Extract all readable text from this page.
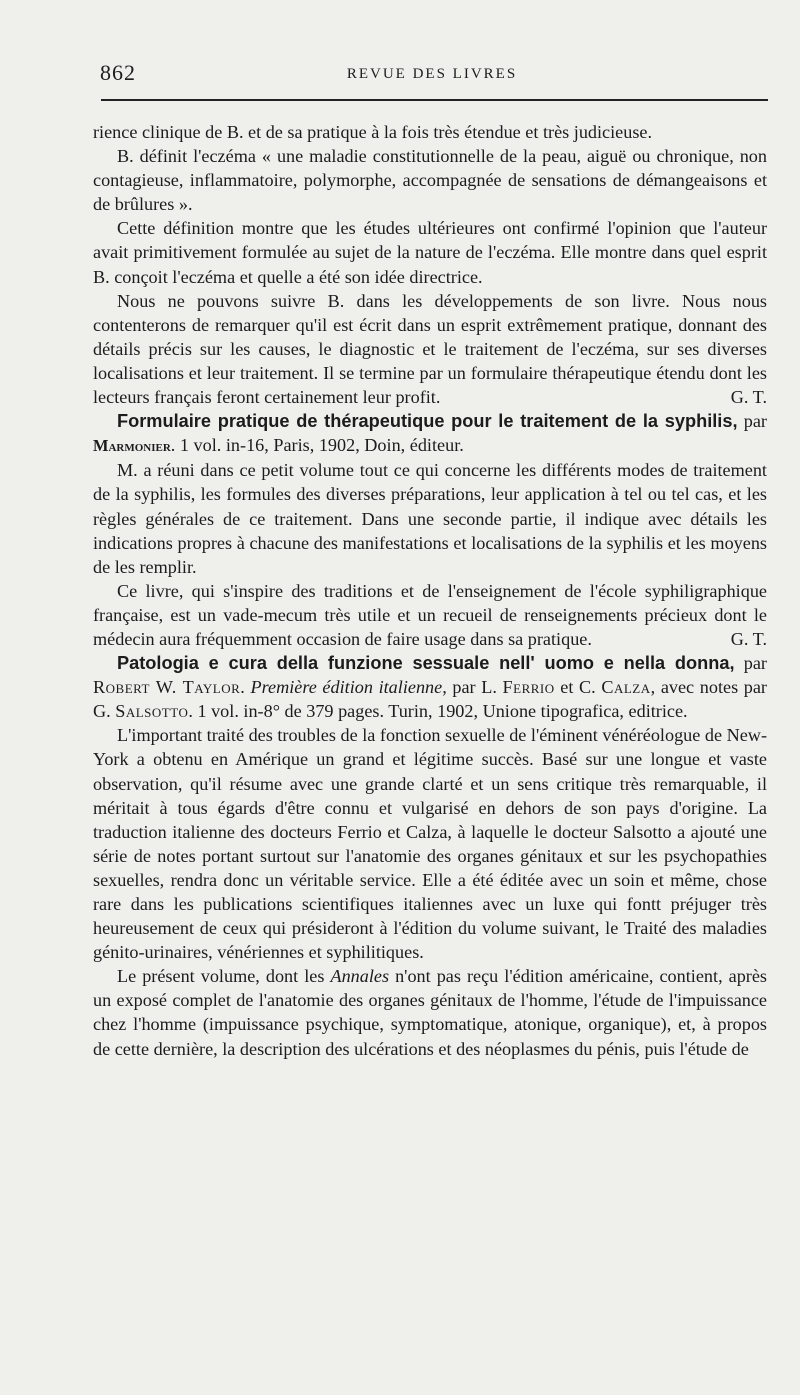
862	REVUE DES LIVRES

rience clinique de B. et de sa pratique à la fois très étendue et très judicieuse.

B. définit l'eczéma « une maladie constitutionnelle de la peau, aiguë ou chronique, non contagieuse, inflammatoire, polymorphe, accompagnée de sensations de démangeaisons et de brûlures ».

Cette définition montre que les études ultérieures ont confirmé l'opinion que l'auteur avait primitivement formulée au sujet de la nature de l'eczéma. Elle montre dans quel esprit B. conçoit l'eczéma et quelle a été son idée directrice.

Nous ne pouvons suivre B. dans les développements de son livre. Nous nous contenterons de remarquer qu'il est écrit dans un esprit extrêmement pratique, donnant des détails précis sur les causes, le diagnostic et le traitement de l'eczéma, sur ses diverses localisations et leur traitement. Il se termine par un formulaire thérapeutique étendu dont les lecteurs français feront certainement leur profit.	G. T.

Formulaire pratique de thérapeutique pour le traitement de la syphilis, par Marmonier. 1 vol. in-16, Paris, 1902, Doin, éditeur.

M. a réuni dans ce petit volume tout ce qui concerne les différents modes de traitement de la syphilis, les formules des diverses préparations, leur application à tel ou tel cas, et les règles générales de ce traitement. Dans une seconde partie, il indique avec détails les indications propres à chacune des manifestations et localisations de la syphilis et les moyens de les remplir.

Ce livre, qui s'inspire des traditions et de l'enseignement de l'école syphiligraphique française, est un vade-mecum très utile et un recueil de renseignements précieux dont le médecin aura fréquemment occasion de faire usage dans sa pratique.	G. T.

Patologia e cura della funzione sessuale nell' uomo e nella donna, par Robert W. Taylor. Première édition italienne, par L. Ferrio et C. Calza, avec notes par G. Salsotto. 1 vol. in-8° de 379 pages. Turin, 1902, Unione tipografica, editrice.

L'important traité des troubles de la fonction sexuelle de l'éminent vénéréologue de New-York a obtenu en Amérique un grand et légitime succès. Basé sur une longue et vaste observation, qu'il résume avec une grande clarté et un sens critique très remarquable, il méritait à tous égards d'être connu et vulgarisé en dehors de son pays d'origine. La traduction italienne des docteurs Ferrio et Calza, à laquelle le docteur Salsotto a ajouté une série de notes portant surtout sur l'anatomie des organes génitaux et sur les psychopathies sexuelles, rendra donc un véritable service. Elle a été éditée avec un soin et même, chose rare dans les publications scientifiques italiennes avec un luxe qui fontt préjuger très heureusement de ceux qui présideront à l'édition du volume suivant, le Traité des maladies génito-urinaires, vénériennes et syphilitiques.

Le présent volume, dont les Annales n'ont pas reçu l'édition américaine, contient, après un exposé complet de l'anatomie des organes génitaux de l'homme, l'étude de l'impuissance chez l'homme (impuissance psychique, symptomatique, atonique, organique), et, à propos de cette dernière, la description des ulcérations et des néoplasmes du pénis, puis l'étude de
